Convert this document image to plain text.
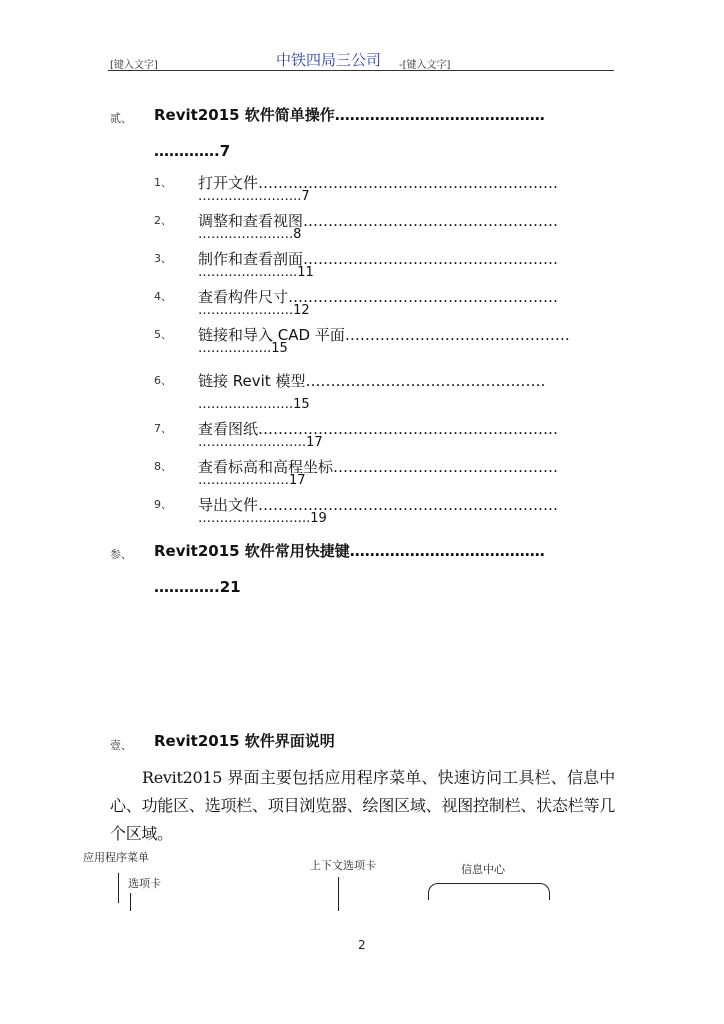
[键入文字]	中铁四局三公司 -[键入文字]
贰、 Revit2015 软件简单操作……………………………………
………….7
1、 打开文件……………………………………………………
………….………..7
2、 调整和查看视图……………………………………………
………………….8
3、 制作和查看剖面……………………………………………
…………………..11
4、 查看构件尺寸………………………………………………
………………….12
5、 链接和导入 CAD 平面………………………………………
……………..15
6、 链接 Revit 模型…………………………………………
………………….15
7、 查看图纸……………………………………………………
…………………….17
8、 查看标高和高程坐标………………………………………
…………………17
9、 导出文件……………………………………………………
……………………..19
参、 Revit2015 软件常用快捷键…………………………………
………….21
壹、 Revit2015 软件界面说明

Revit2015 界面主要包括应用程序菜单、快速访问工具栏、信息中心、功能区、选项栏、项目浏览器、绘图区域、视图控制栏、状态栏等几个区域。

应用程序菜单
选项卡
上下文选项卡	信息中心
2
